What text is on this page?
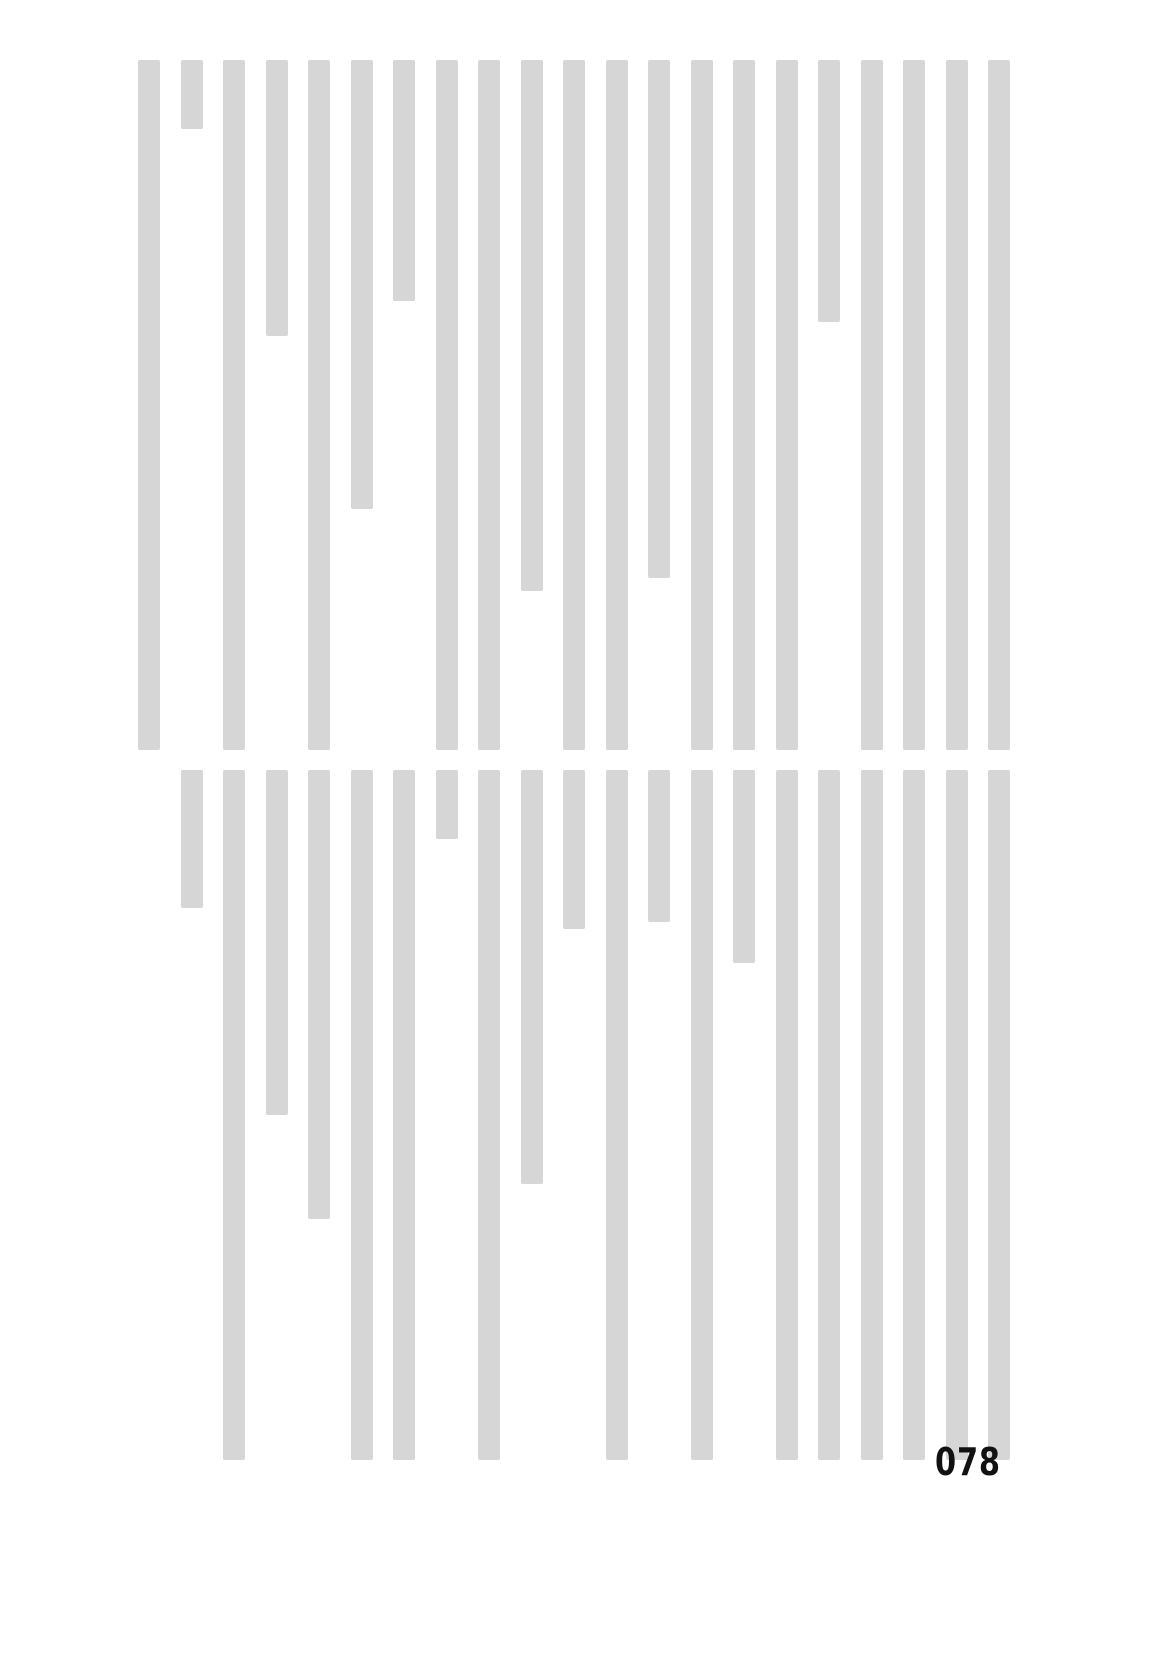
078
